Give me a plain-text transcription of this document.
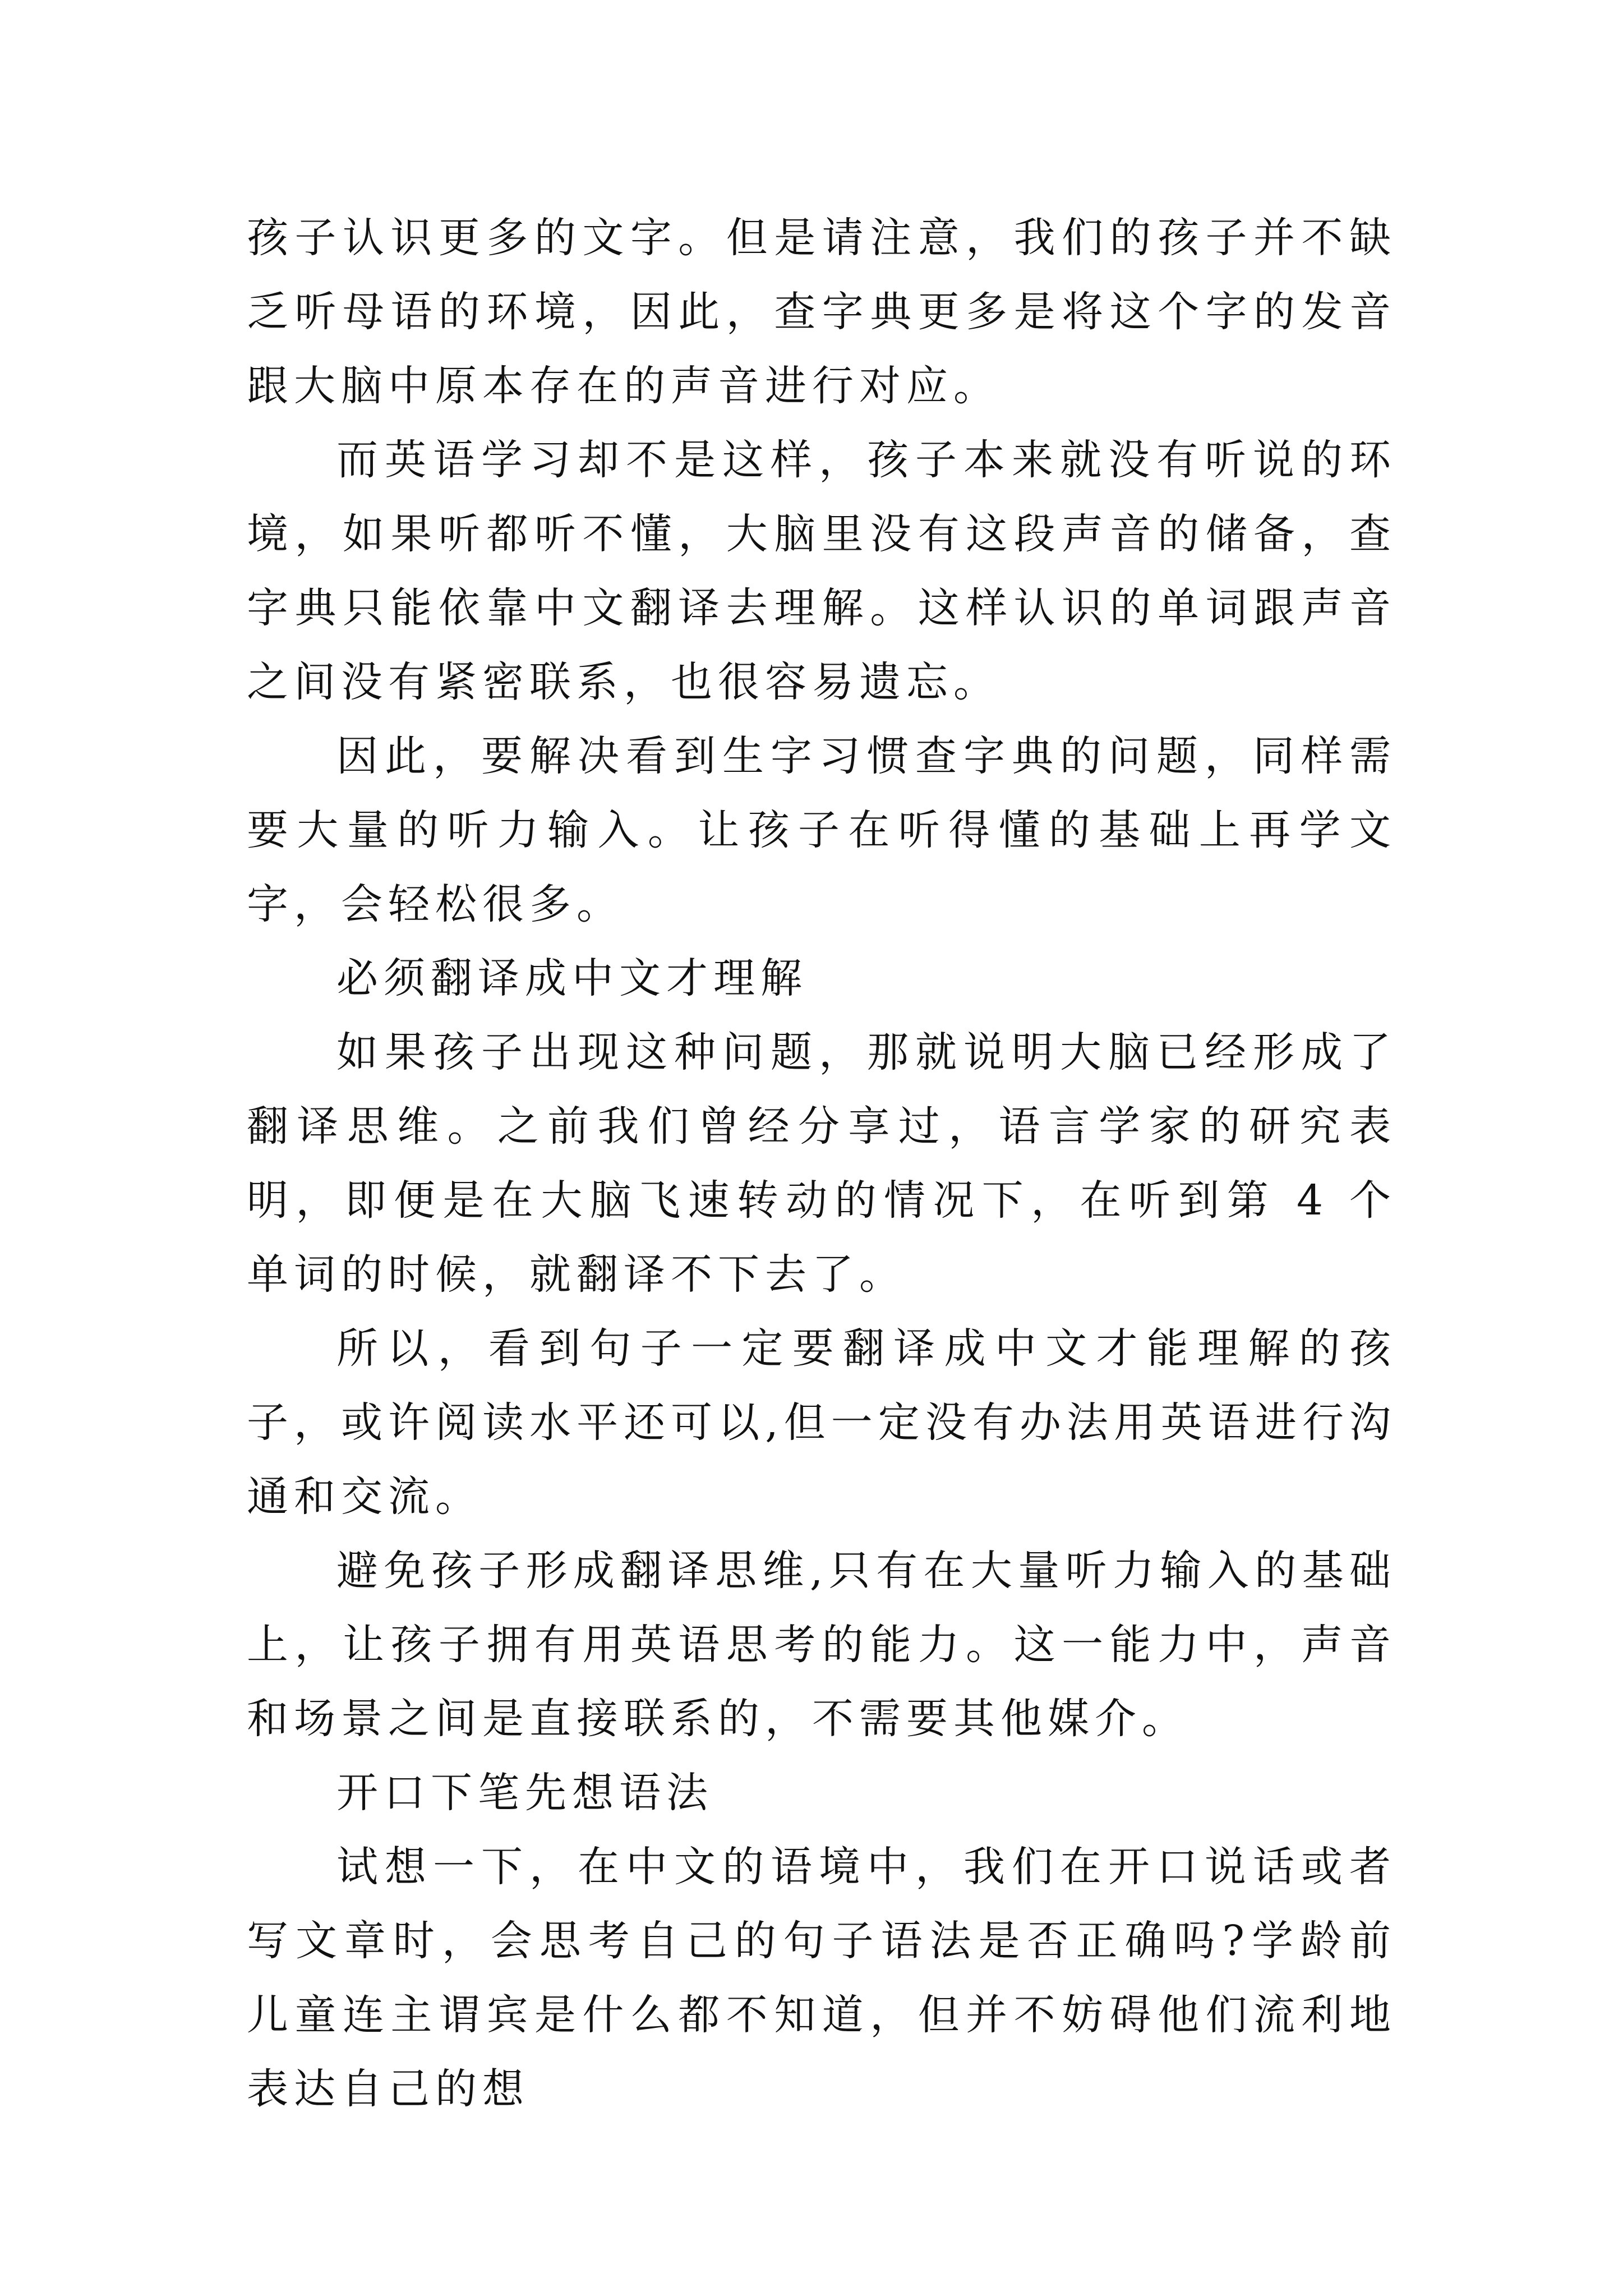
孩子认识更多的文字。但是请注意，我们的孩子并不缺乏听母语的环境，因此，查字典更多是将这个字的发音跟大脑中原本存在的声音进行对应。

而英语学习却不是这样，孩子本来就没有听说的环境，如果听都听不懂，大脑里没有这段声音的储备，查字典只能依靠中文翻译去理解。这样认识的单词跟声音之间没有紧密联系，也很容易遗忘。

因此，要解决看到生字习惯查字典的问题，同样需要大量的听力输入。让孩子在听得懂的基础上再学文字，会轻松很多。

必须翻译成中文才理解

如果孩子出现这种问题，那就说明大脑已经形成了翻译思维。之前我们曾经分享过，语言学家的研究表明，即便是在大脑飞速转动的情况下，在听到第 4 个单词的时候，就翻译不下去了。

所以，看到句子一定要翻译成中文才能理解的孩子，或许阅读水平还可以,但一定没有办法用英语进行沟通和交流。

避免孩子形成翻译思维,只有在大量听力输入的基础上，让孩子拥有用英语思考的能力。这一能力中，声音和场景之间是直接联系的，不需要其他媒介。

开口下笔先想语法

试想一下，在中文的语境中，我们在开口说话或者写文章时，会思考自己的句子语法是否正确吗?学龄前儿童连主谓宾是什么都不知道，但并不妨碍他们流利地表达自己的想
